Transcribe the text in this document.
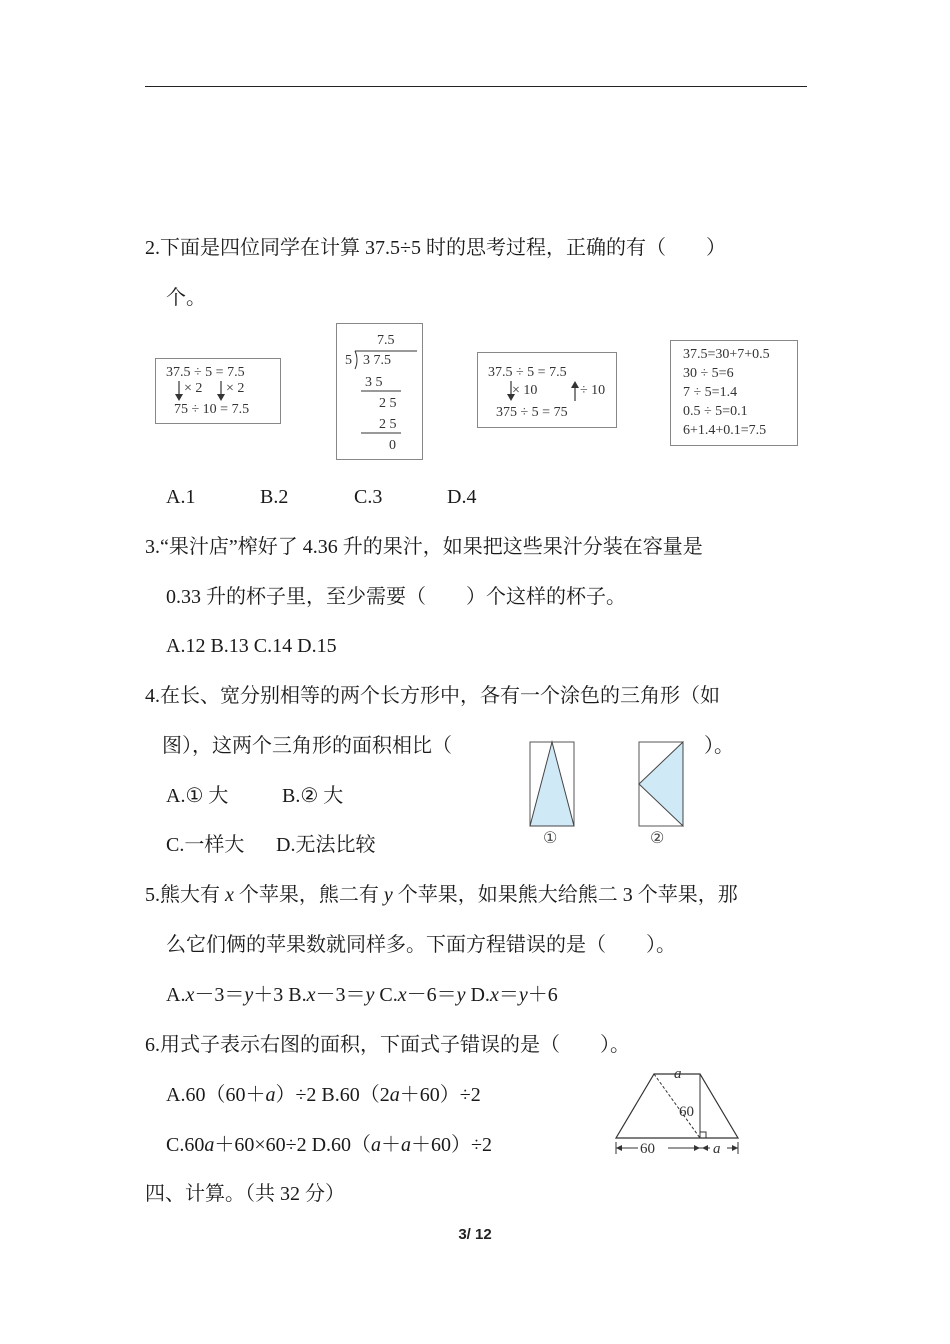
2.下面是四位同学在计算 37.5÷5 时的思考过程，正确的有（　　）
个。
37.5 ÷ 5 = 7.5
× 2 × 2
75 ÷ 10 = 7.5
7.5
5 3 7.5
3 5
2 5
2 5
0
37.5 ÷ 5 = 7.5
× 10	÷ 10
375 ÷ 5 = 75
37.5=30+7+0.5
30 ÷ 5=6
7 ÷ 5=1.4
0.5 ÷ 5=0.1
6+1.4+0.1=7.5
A.1	B.2	C.3	D.4
3.“果汁店”榨好了 4.36 升的果汁，如果把这些果汁分装在容量是
0.33 升的杯子里，至少需要（　　）个这样的杯子。
A.12 B.13 C.14 D.15
4.在长、宽分别相等的两个长方形中，各有一个涂色的三角形（如
图），这两个三角形的面积相比（	）。
①	②
A.① 大	B.② 大
C.一样大 D.无法比较
5.熊大有 x 个苹果，熊二有 y 个苹果，如果熊大给熊二 3 个苹果，那
么它们俩的苹果数就同样多。下面方程错误的是（　　）。
A.x－3＝y＋3 B.x－3＝y C.x－6＝y D.x＝y＋6
6.用式子表示右图的面积，下面式子错误的是（　　）。
A.60（60＋a）÷2 B.60（2a＋60）÷2
C.60a＋60×60÷2 D.60（a＋a＋60）÷2
a
60
60	a
四、计算。（共 32 分）
3/ 12
